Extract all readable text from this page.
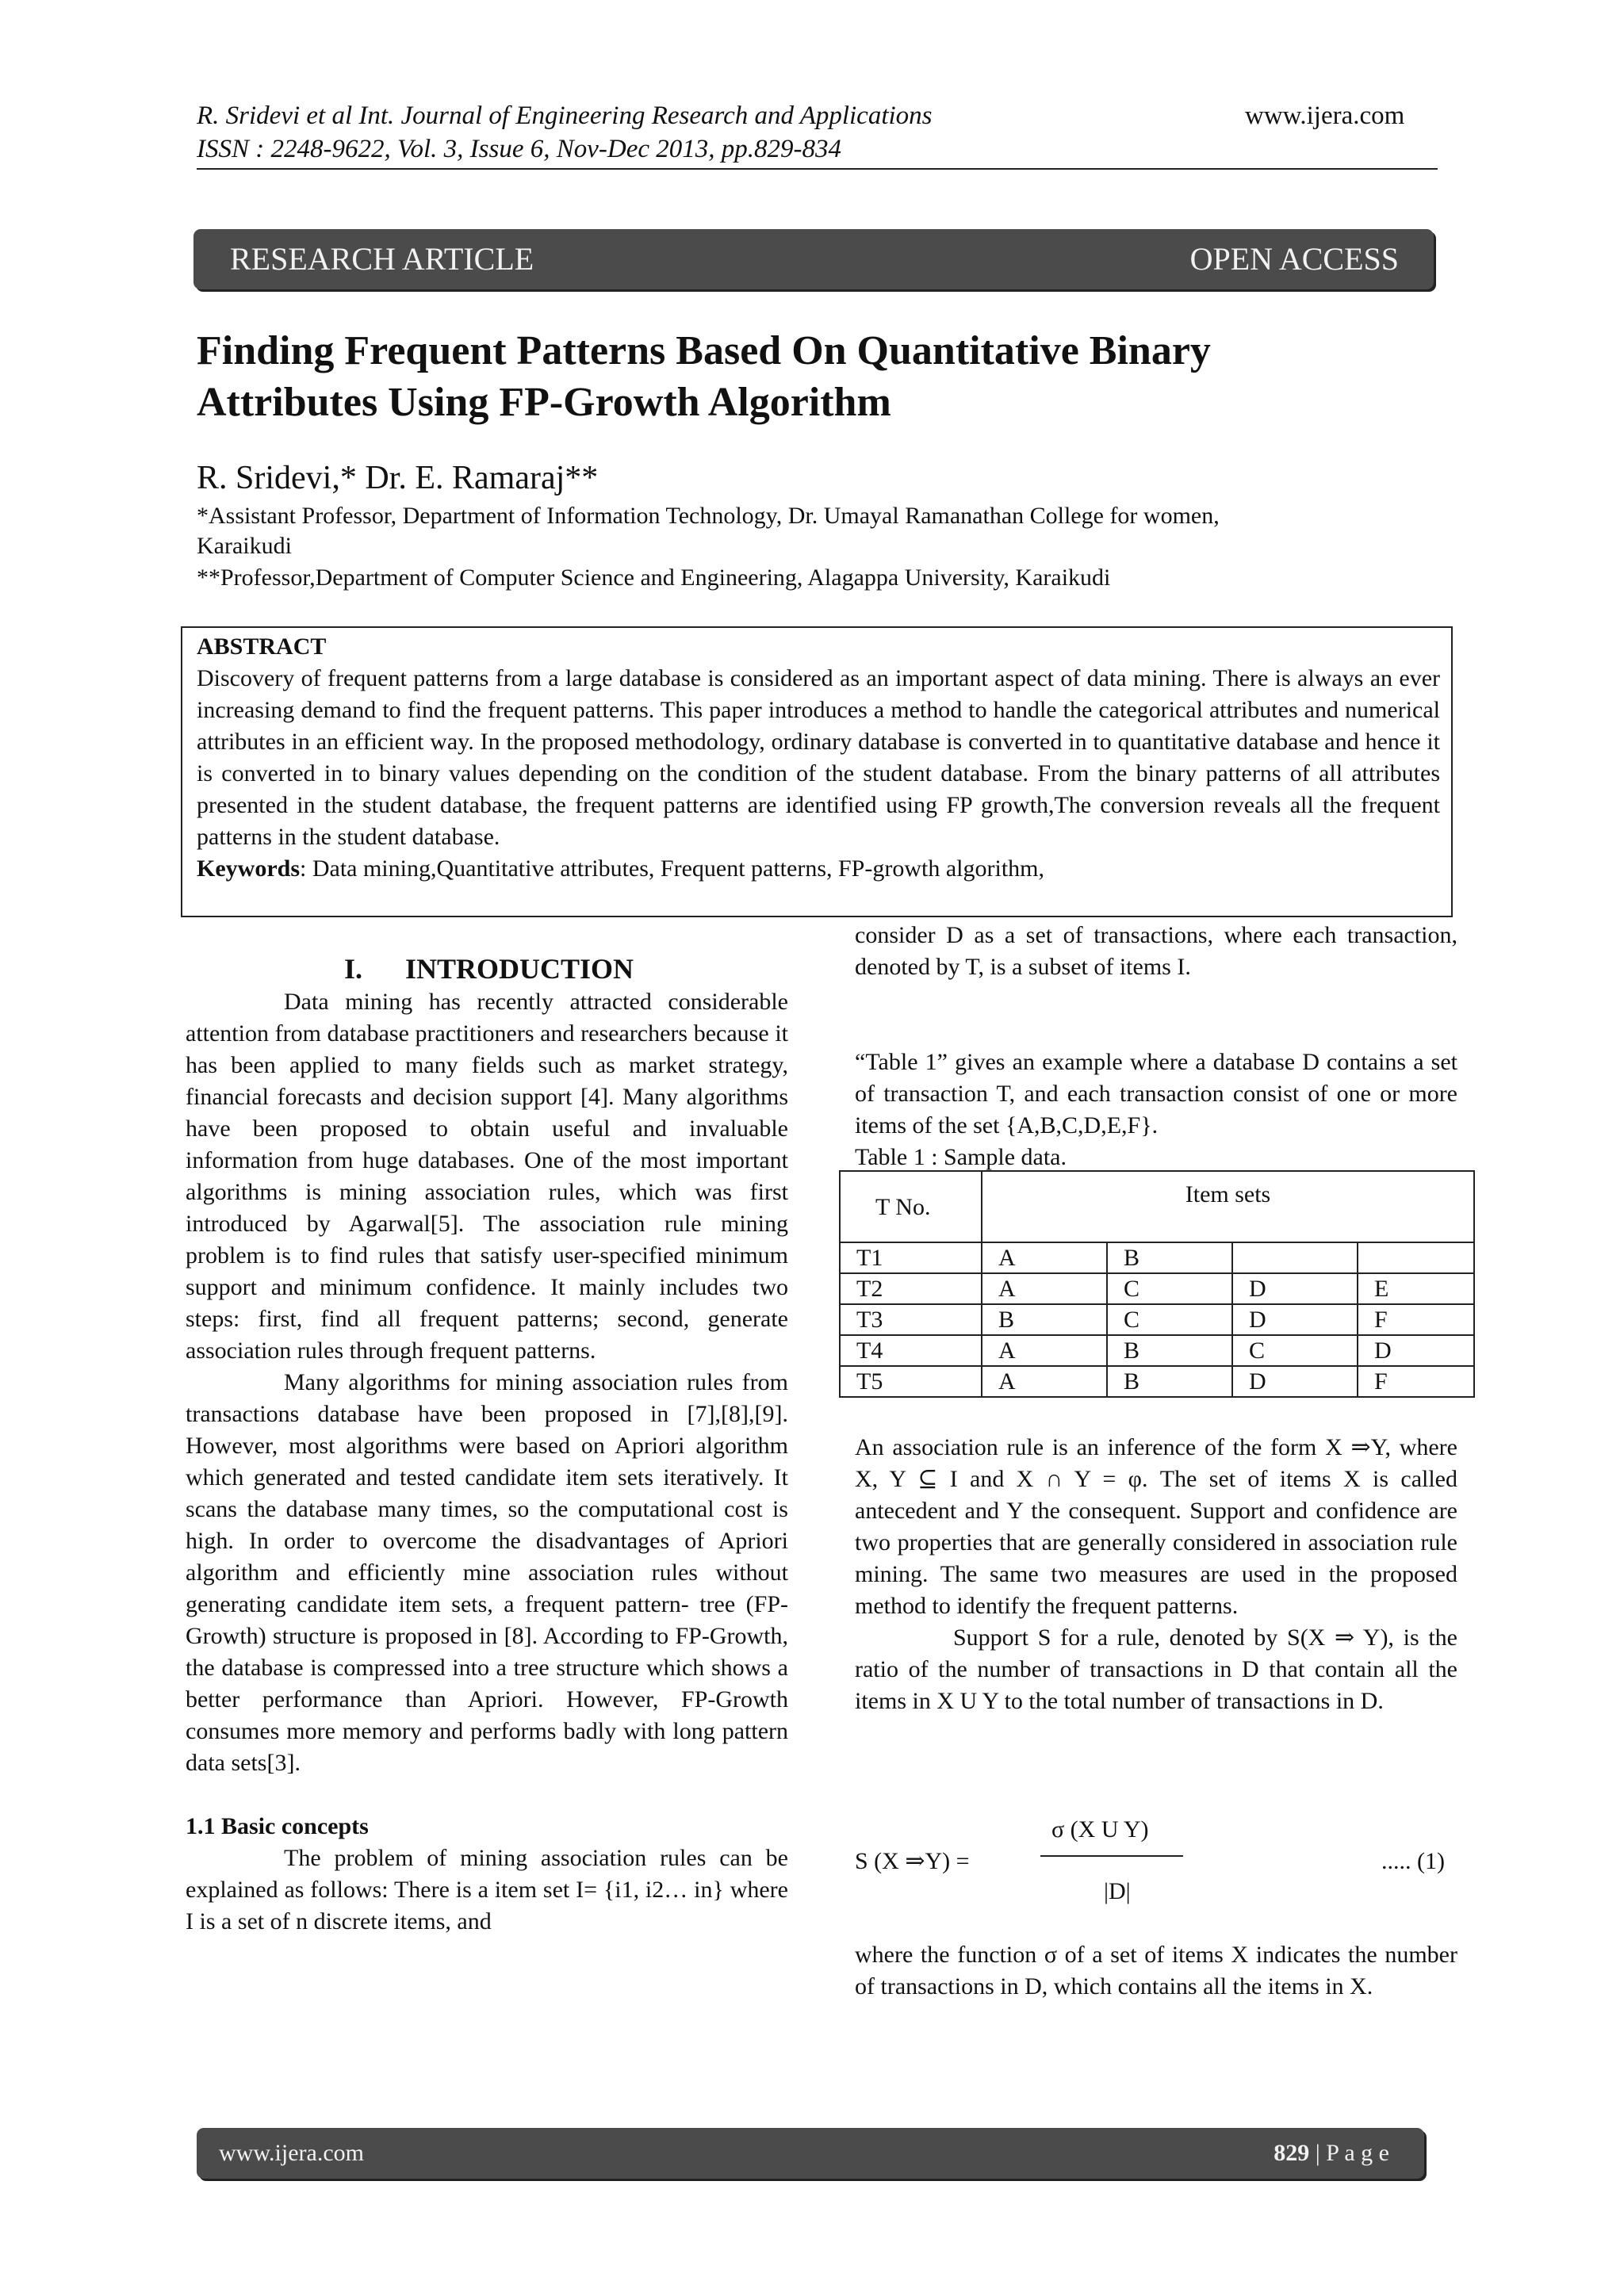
R. Sridevi et al Int. Journal of Engineering Research and Applications	www.ijera.com
ISSN : 2248-9622, Vol. 3, Issue 6, Nov-Dec 2013, pp.829-834
RESEARCH ARTICLE	OPEN ACCESS
Finding Frequent Patterns Based On Quantitative Binary
Attributes Using FP-Growth Algorithm
R. Sridevi,* Dr. E. Ramaraj**
*Assistant Professor, Department of Information Technology, Dr. Umayal Ramanathan College for women,
Karaikudi
**Professor,Department of Computer Science and Engineering, Alagappa University, Karaikudi
ABSTRACT
Discovery of frequent patterns from a large database is considered as an important aspect of data mining. There is always an ever increasing demand to find the frequent patterns. This paper introduces a method to handle the categorical attributes and numerical attributes in an efficient way. In the proposed methodology, ordinary database is converted in to quantitative database and hence it is converted in to binary values depending on the condition of the student database. From the binary patterns of all attributes presented in the student database, the frequent patterns are identified using FP growth,The conversion reveals all the frequent patterns in the student database.
Keywords: Data mining,Quantitative attributes, Frequent patterns, FP-growth algorithm,
I.      INTRODUCTION

Data mining has recently attracted considerable attention from database practitioners and researchers because it has been applied to many fields such as market strategy, financial forecasts and decision support [4]. Many algorithms have been proposed to obtain useful and invaluable information from huge databases. One of the most important algorithms is mining association rules, which was first introduced by Agarwal[5]. The association rule mining problem is to find rules that satisfy user-specified minimum support and minimum confidence. It mainly includes two steps: first, find all frequent patterns; second, generate association rules through frequent patterns.

Many algorithms for mining association rules from transactions database have been proposed in [7],[8],[9]. However, most algorithms were based on Apriori algorithm which generated and tested candidate item sets iteratively. It scans the database many times, so the computational cost is high. In order to overcome the disadvantages of Apriori algorithm and efficiently mine association rules without generating candidate item sets, a frequent pattern- tree (FP-Growth) structure is proposed in [8]. According to FP-Growth, the database is compressed into a tree structure which shows a better performance than Apriori. However, FP-Growth consumes more memory and performs badly with long pattern data sets[3].

1.1 Basic concepts

The problem of mining association rules can be explained as follows: There is a item set I= {i1, i2… in} where I is a set of n discrete items, and

consider D as a set of transactions, where each transaction, denoted by T, is a subset of items I.

“Table 1” gives an example where a database D contains a set of transaction T, and each transaction consist of one or more items of the set {A,B,C,D,E,F}.

Table 1 : Sample data.
T No.	Item sets			
T1	A	B		
T2	A	C	D	E
T3	B	C	D	F
T4	A	B	C	D
T5	A	B	D	F

An association rule is an inference of the form X ⇒Y, where X, Y ⊆ I and X ∩ Y = φ. The set of items X is called antecedent and Y the consequent. Support and confidence are two properties that are generally considered in association rule mining. The same two measures are used in the proposed method to identify the frequent patterns.

Support S for a rule, denoted by S(X ⇒ Y), is the ratio of the number of transactions in D that contain all the items in X U Y to the total number of transactions in D.

S (X ⇒Y) =
σ (X U Y)
|D|
..... (1)
where the function σ of a set of items X indicates the number of transactions in D, which contains all the items in X.
www.ijera.com	829 | P a g e
